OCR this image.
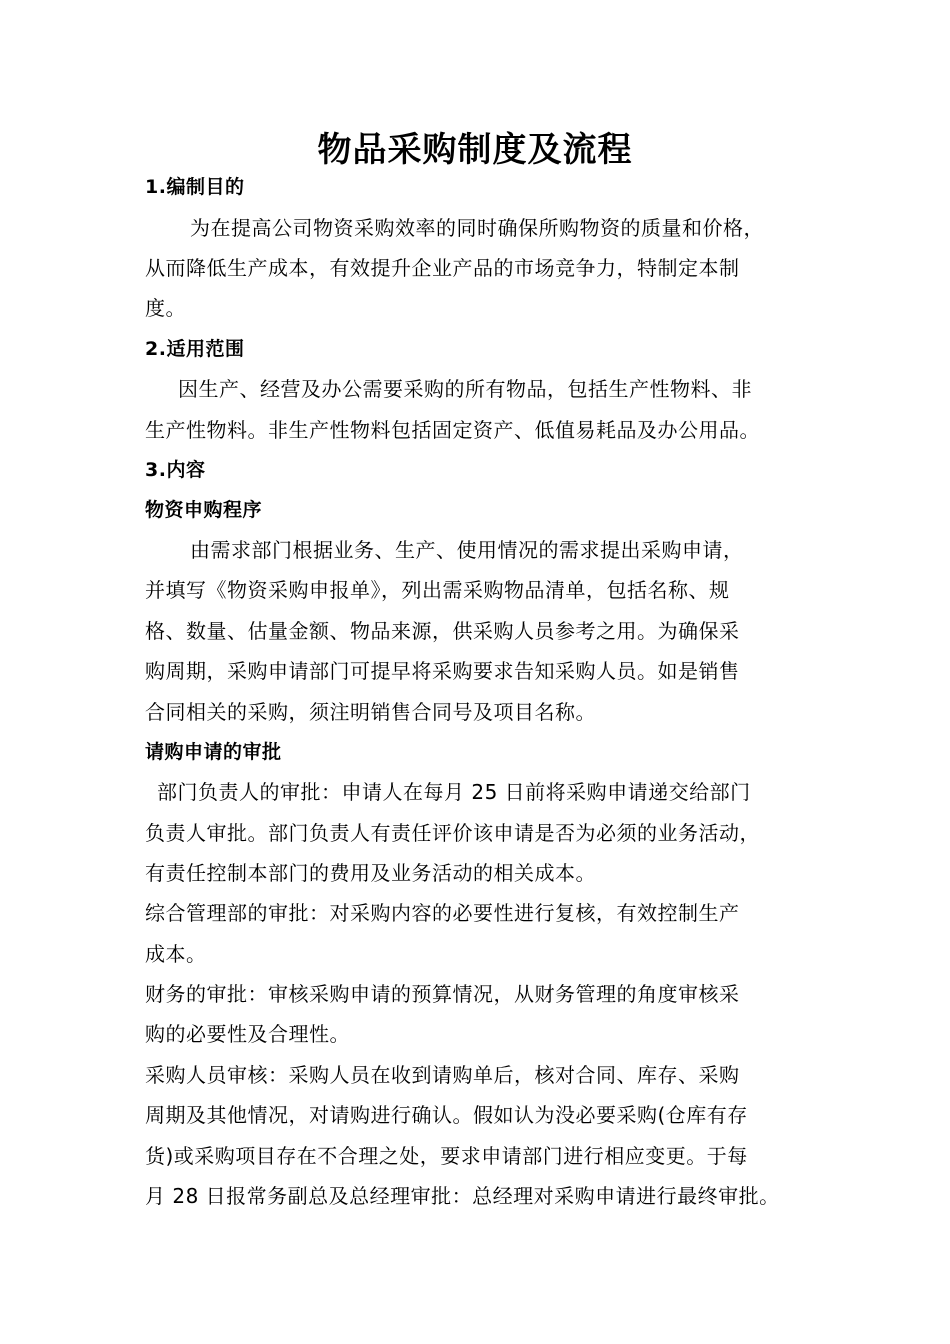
物品采购制度及流程
1.编制目的
为在提高公司物资采购效率的同时确保所购物资的质量和价格，
从而降低生产成本，有效提升企业产品的市场竞争力，特制定本制
度。
2.适用范围
因生产、经营及办公需要采购的所有物品，包括生产性物料、非
生产性物料。非生产性物料包括固定资产、低值易耗品及办公用品。
3.内容
物资申购程序
由需求部门根据业务、生产、使用情况的需求提出采购申请，
并填写《物资采购申报单》，列出需采购物品清单，包括名称、规
格、数量、估量金额、物品来源，供采购人员参考之用。为确保采
购周期，采购申请部门可提早将采购要求告知采购人员。如是销售
合同相关的采购，须注明销售合同号及项目名称。
请购申请的审批
部门负责人的审批：申请人在每月 25 日前将采购申请递交给部门
负责人审批。部门负责人有责任评价该申请是否为必须的业务活动，
有责任控制本部门的费用及业务活动的相关成本。
综合管理部的审批：对采购内容的必要性进行复核，有效控制生产
成本。
财务的审批：审核采购申请的预算情况，从财务管理的角度审核采
购的必要性及合理性。
采购人员审核：采购人员在收到请购单后，核对合同、库存、采购
周期及其他情况，对请购进行确认。假如认为没必要采购(仓库有存
货)或采购项目存在不合理之处，要求申请部门进行相应变更。于每
月 28 日报常务副总及总经理审批：总经理对采购申请进行最终审批。
